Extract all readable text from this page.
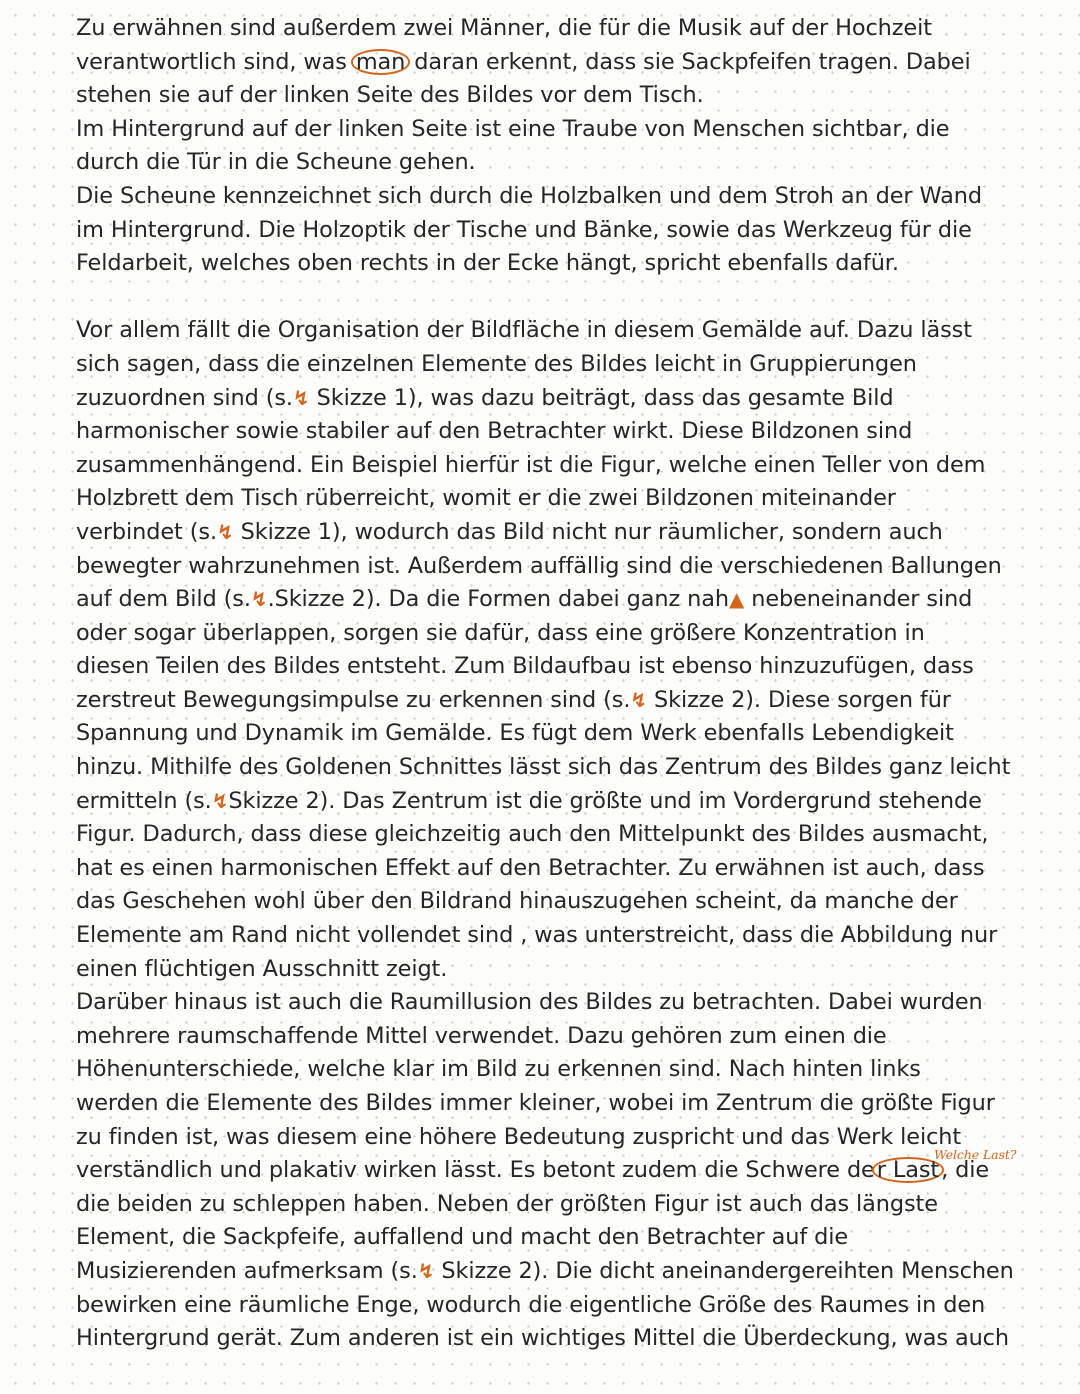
Zu erwähnen sind außerdem zwei Männer, die für die Musik auf der Hochzeit
verantwortlich sind, was man daran erkennt, dass sie Sackpfeifen tragen. Dabei
stehen sie auf der linken Seite des Bildes vor dem Tisch.
Im Hintergrund auf der linken Seite ist eine Traube von Menschen sichtbar, die
durch die Tür in die Scheune gehen.
Die Scheune kennzeichnet sich durch die Holzbalken und dem Stroh an der Wand
im Hintergrund. Die Holzoptik der Tische und Bänke, sowie das Werkzeug für die
Feldarbeit, welches oben rechts in der Ecke hängt, spricht ebenfalls dafür.
Vor allem fällt die Organisation der Bildfläche in diesem Gemälde auf. Dazu lässt
sich sagen, dass die einzelnen Elemente des Bildes leicht in Gruppierungen
zuzuordnen sind (s.↯ Skizze 1), was dazu beiträgt, dass das gesamte Bild
harmonischer sowie stabiler auf den Betrachter wirkt. Diese Bildzonen sind
zusammenhängend. Ein Beispiel hierfür ist die Figur, welche einen Teller von dem
Holzbrett dem Tisch rüberreicht, womit er die zwei Bildzonen miteinander
verbindet (s.↯ Skizze 1), wodurch das Bild nicht nur räumlicher, sondern auch
bewegter wahrzunehmen ist. Außerdem auffällig sind die verschiedenen Ballungen
auf dem Bild (s.↯.Skizze 2). Da die Formen dabei ganz nah▲ nebeneinander sind
oder sogar überlappen, sorgen sie dafür, dass eine größere Konzentration in
diesen Teilen des Bildes entsteht. Zum Bildaufbau ist ebenso hinzuzufügen, dass
zerstreut Bewegungsimpulse zu erkennen sind (s.↯ Skizze 2). Diese sorgen für
Spannung und Dynamik im Gemälde. Es fügt dem Werk ebenfalls Lebendigkeit
hinzu. Mithilfe des Goldenen Schnittes lässt sich das Zentrum des Bildes ganz leicht
ermitteln (s.↯Skizze 2). Das Zentrum ist die größte und im Vordergrund stehende
Figur. Dadurch, dass diese gleichzeitig auch den Mittelpunkt des Bildes ausmacht,
hat es einen harmonischen Effekt auf den Betrachter. Zu erwähnen ist auch, dass
das Geschehen wohl über den Bildrand hinauszugehen scheint, da manche der
Elemente am Rand nicht vollendet sind , was unterstreicht, dass die Abbildung nur
einen flüchtigen Ausschnitt zeigt.
Darüber hinaus ist auch die Raumillusion des Bildes zu betrachten. Dabei wurden
mehrere raumschaffende Mittel verwendet. Dazu gehören zum einen die
Höhenunterschiede, welche klar im Bild zu erkennen sind. Nach hinten links
werden die Elemente des Bildes immer kleiner, wobei im Zentrum die größte Figur
zu finden ist, was diesem eine höhere Bedeutung zuspricht und das Werk leicht
verständlich und plakativ wirken lässt. Es betont zudem die Schwere der Last, die
Welche Last?
die beiden zu schleppen haben. Neben der größten Figur ist auch das längste
Element, die Sackpfeife, auffallend und macht den Betrachter auf die
Musizierenden aufmerksam (s.↯ Skizze 2). Die dicht aneinandergereihten Menschen
bewirken eine räumliche Enge, wodurch die eigentliche Größe des Raumes in den
Hintergrund gerät. Zum anderen ist ein wichtiges Mittel die Überdeckung, was auch
